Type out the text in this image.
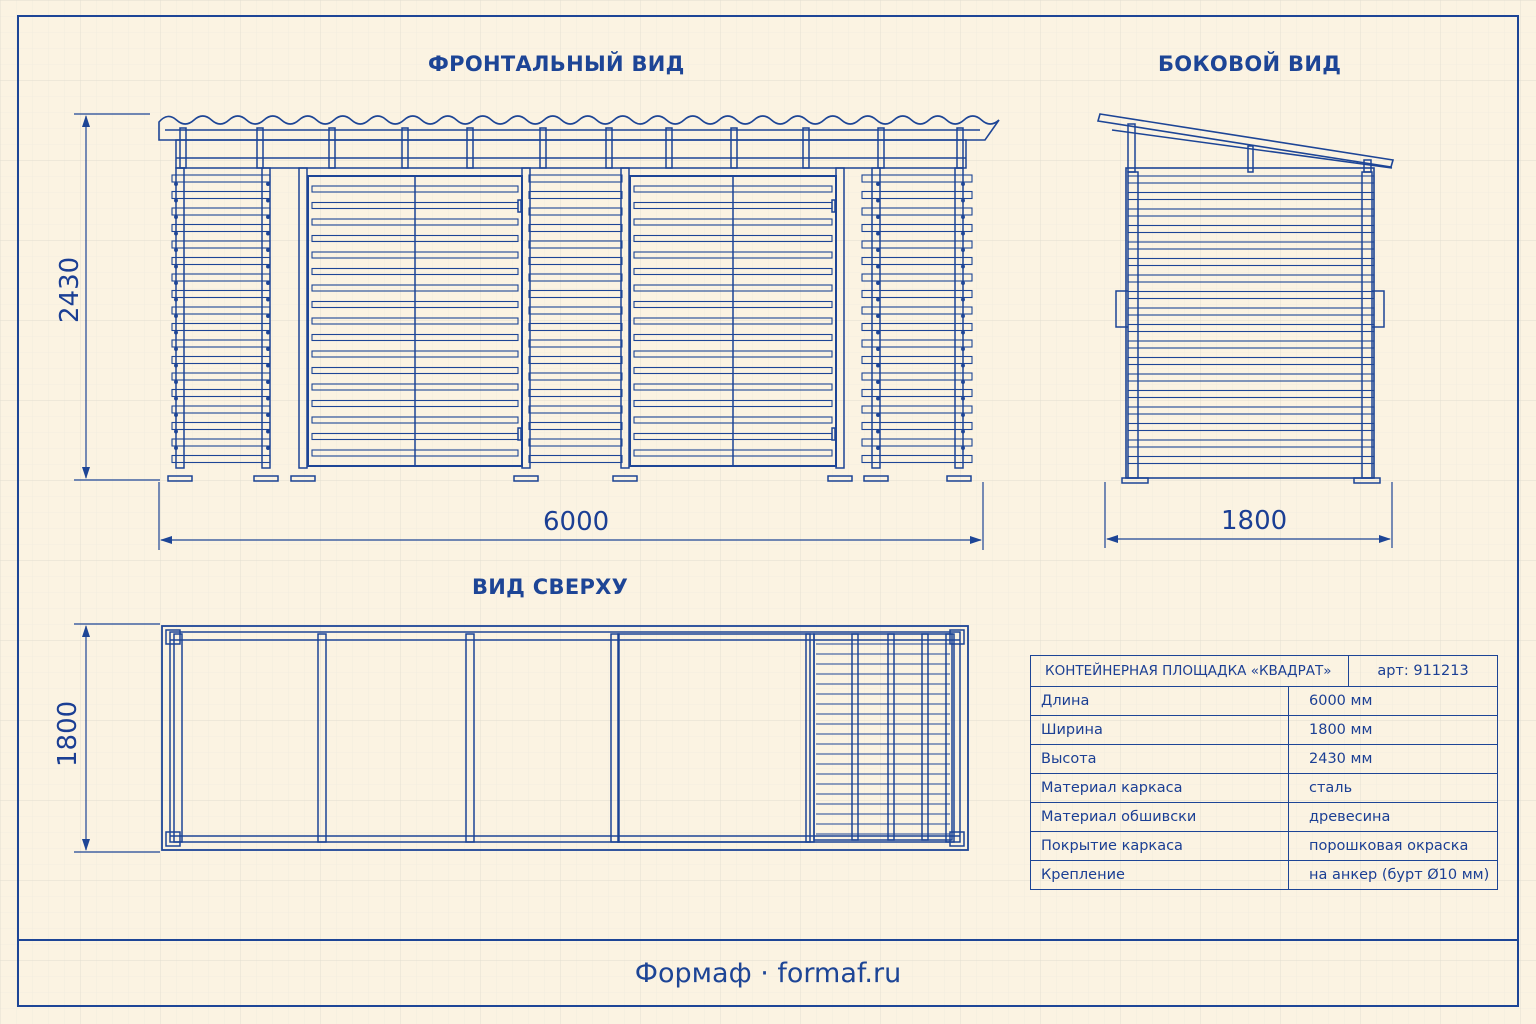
ФРОНТАЛЬНЫЙ ВИД	БОКОВОЙ ВИД
ВИД СВЕРХУ
2430
6000	1800
1800
КОНТЕЙНЕРНАЯ ПЛОЩАДКА «КВАДРАТ»		арт: 911213
Длина	6000 мм	
Ширина	1800 мм	
Высота	2430 мм	
Материал каркаса	сталь	
Материал обшивски	древесина	
Покрытие каркаса	порошковая окраска	
Крепление	на анкер (бурт Ø10 мм)	
Формаф · formaf.ru
